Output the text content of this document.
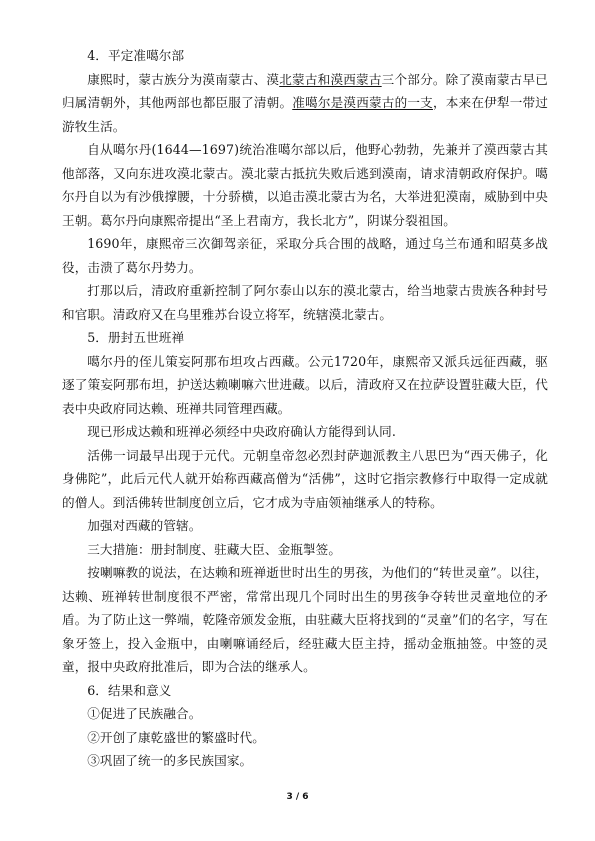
4．平定准噶尔部

康熙时，蒙古族分为漠南蒙古、漠北蒙古和漠西蒙古三个部分。除了漠南蒙古早已归属清朝外，其他两部也都臣服了清朝。准噶尔是漠西蒙古的一支，本来在伊犁一带过游牧生活。

自从噶尔丹(1644—1697)统治准噶尔部以后，他野心勃勃，先兼并了漠西蒙古其他部落，又向东进攻漠北蒙古。漠北蒙古抵抗失败后逃到漠南，请求清朝政府保护。噶尔丹自以为有沙俄撑腰，十分骄横，以追击漠北蒙古为名，大举进犯漠南，威胁到中央王朝。葛尔丹向康熙帝提出“圣上君南方，我长北方”，阴谋分裂祖国。

1690年，康熙帝三次御驾亲征，采取分兵合围的战略，通过乌兰布通和昭莫多战役，击溃了葛尔丹势力。

打那以后，清政府重新控制了阿尔泰山以东的漠北蒙古，给当地蒙古贵族各种封号和官职。清政府又在乌里雅苏台设立将军，统辖漠北蒙古。

5．册封五世班禅

噶尔丹的侄儿策妄阿那布坦攻占西藏。公元1720年，康熙帝又派兵远征西藏，驱逐了策妄阿那布坦，护送达赖喇嘛六世进藏。以后，清政府又在拉萨设置驻藏大臣，代表中央政府同达赖、班禅共同管理西藏。

现已形成达赖和班禅必须经中央政府确认方能得到认同.

活佛一词最早出现于元代。元朝皇帝忽必烈封萨迦派教主八思巴为“西天佛子，化身佛陀”，此后元代人就开始称西藏高僧为“活佛”，这时它指宗教修行中取得一定成就的僧人。到活佛转世制度创立后，它才成为寺庙领袖继承人的特称。

加强对西藏的管辖。

三大措施：册封制度、驻藏大臣、金瓶掣签。

按喇嘛教的说法，在达赖和班禅逝世时出生的男孩，为他们的“转世灵童”。以往，达赖、班禅转世制度很不严密，常常出现几个同时出生的男孩争夺转世灵童地位的矛盾。为了防止这一弊端，乾隆帝颁发金瓶，由驻藏大臣将找到的“灵童”们的名字，写在象牙签上，投入金瓶中，由喇嘛诵经后，经驻藏大臣主持，摇动金瓶抽签。中签的灵童，报中央政府批准后，即为合法的继承人。

6．结果和意义

①促进了民族融合。

②开创了康乾盛世的繁盛时代。

③巩固了统一的多民族国家。

3 / 6
